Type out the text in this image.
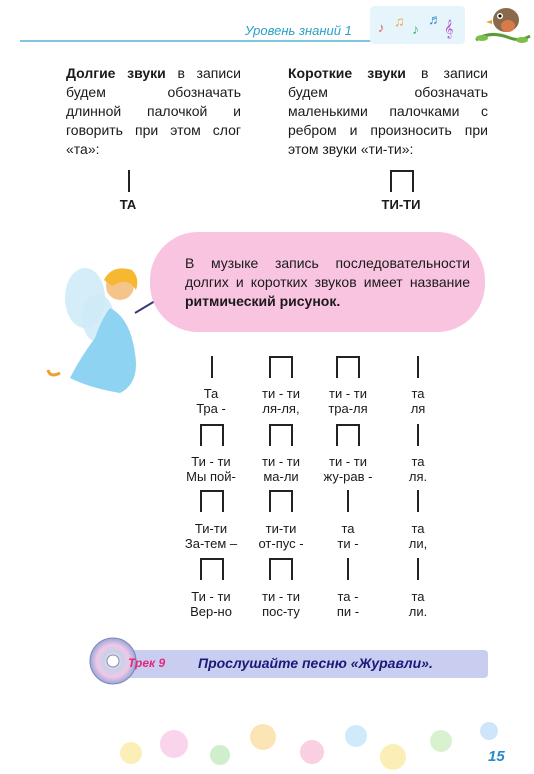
♪ ♫ ♪
♬
𝄞
Уровень знаний 1
Долгие звуки в записи будем обозначать длинной палочкой и говорить при этом слог «та»:
Короткие звуки в записи будем обозначать маленькими палочками с ребром и произносить при этом звуки «ти-ти»:
ТА	ТИ-ТИ
В музыке запись последовательности долгих и коротких звуков имеет название ритмический рисунок.
Та	ти - ти	ти - ти	та
Тра -	ля-ля,	тра-ля	ля
Ти - ти	ти - ти	ти - ти	та
Мы пой-	ма-ли	жу-рав -	ля.
Ти-ти	ти-ти	та	та
За-тем –	от-пус -	ти -	ли,
Ти - ти	ти - ти	та -	та
Вер-но	пос-ту	пи -	ли.
Трек 9 Прослушайте песню «Журавли».
15
